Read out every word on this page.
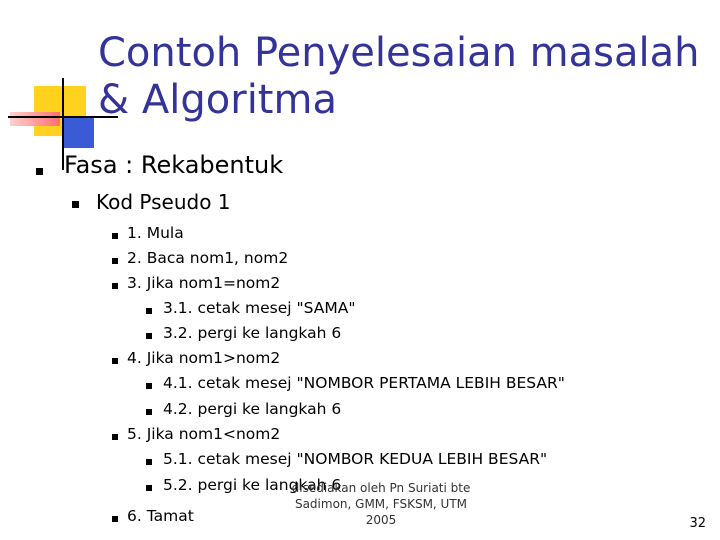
Contoh Penyelesaian masalah
& Algoritma
Fasa : Rekabentuk
Kod Pseudo 1
1. Mula
2. Baca nom1, nom2
3. Jika nom1=nom2
3.1. cetak mesej "SAMA"
3.2. pergi ke langkah 6
4. Jika nom1>nom2
4.1. cetak mesej "NOMBOR PERTAMA LEBIH BESAR"
4.2. pergi ke langkah 6
5. Jika nom1<nom2
5.1. cetak mesej "NOMBOR KEDUA LEBIH BESAR"
5.2. pergi ke langkah 6
6. Tamat
disediakan oleh Pn Suriati bte
Sadimon, GMM, FSKSM, UTM
2005	32
